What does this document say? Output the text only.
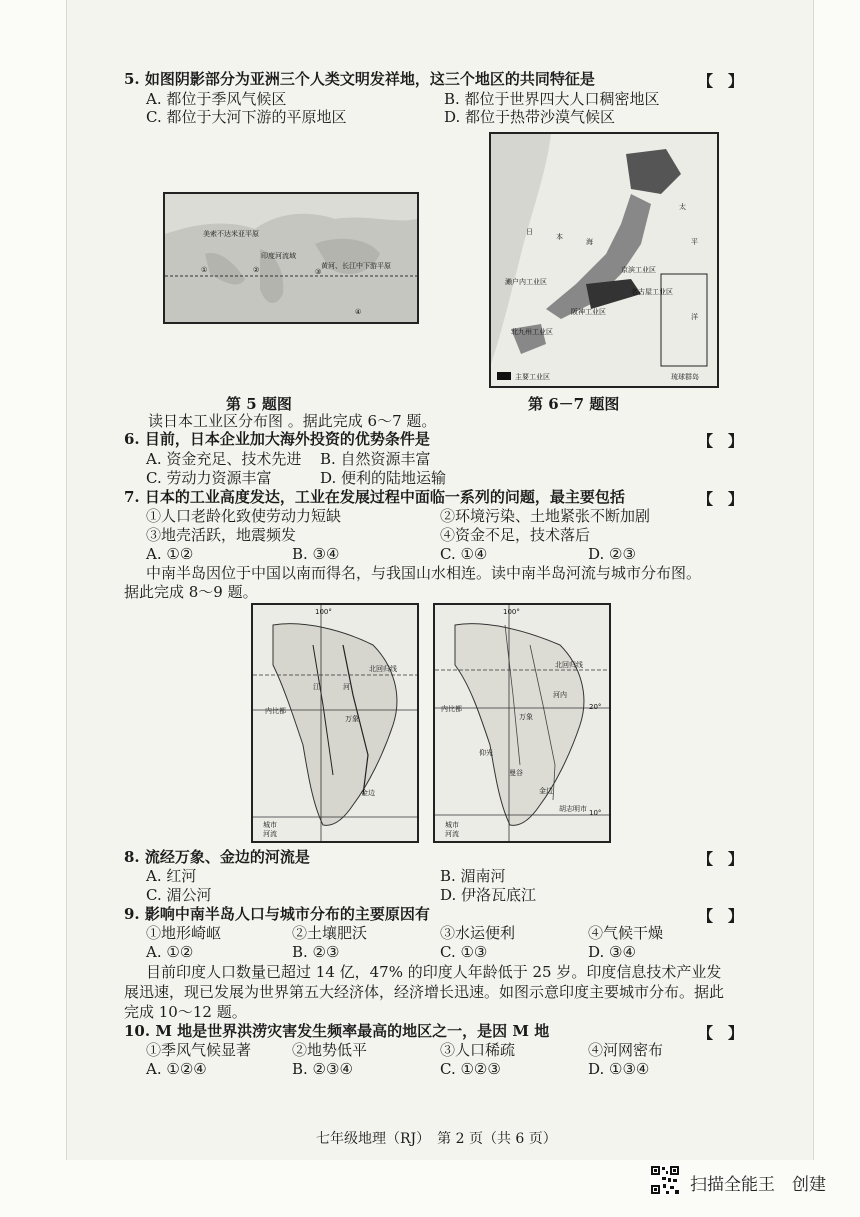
5. 如图阴影部分为亚洲三个人类文明发祥地，这三个地区的共同特征是	【　】
A. 都位于季风气候区	B. 都位于世界四大人口稠密地区
C. 都位于大河下游的平原地区	D. 都位于热带沙漠气候区
美索不达米亚平原
印度河流域
黄河、长江中下游平原
①	②	③
④
日
本
海
太
平
洋
濑户内工业区
京滨工业区
名古屋工业区
阪神工业区
北九州工业区
主要工业区	琉球群岛
第 5 题图	第 6－7 题图
读日本工业区分布图 。据此完成 6～7 题。
6. 目前，日本企业加大海外投资的优势条件是	【　】
A. 资金充足、技术先进 B. 自然资源丰富
C. 劳动力资源丰富	D. 便利的陆地运输
7. 日本的工业高度发达，工业在发展过程中面临一系列的问题，最主要包括	【　】
①人口老龄化致使劳动力短缺	②环境污染、土地紧张不断加剧
③地壳活跃，地震频发	④资金不足，技术落后
A. ①②	B. ③④	C. ①④	D. ②③
中南半岛因位于中国以南而得名，与我国山水相连。读中南半岛河流与城市分布图。
据此完成 8～9 题。
100°
北回归线
内比都
万象
金边
江	河
城市
河流
100°
北回归线
20°
10°
河内
内比都
万象
仰光
曼谷
金边
胡志明市
城市
河流
8. 流经万象、金边的河流是	【　】
A. 红河	B. 湄南河
C. 湄公河	D. 伊洛瓦底江
9. 影响中南半岛人口与城市分布的主要原因有	【　】
①地形崎岖	②土壤肥沃	③水运便利	④气候干燥
A. ①②	B. ②③	C. ①③	D. ③④
目前印度人口数量已超过 14 亿，47% 的印度人年龄低于 25 岁。印度信息技术产业发
展迅速，现已发展为世界第五大经济体，经济增长迅速。如图示意印度主要城市分布。据此
完成 10～12 题。
10. M 地是世界洪涝灾害发生频率最高的地区之一，是因 M 地	【　】
①季风气候显著	②地势低平	③人口稀疏	④河网密布
A. ①②④	B. ②③④	C. ①②③	D. ①③④
七年级地理（RJ）　第 2 页（共 6 页）
扫描全能王　创建
